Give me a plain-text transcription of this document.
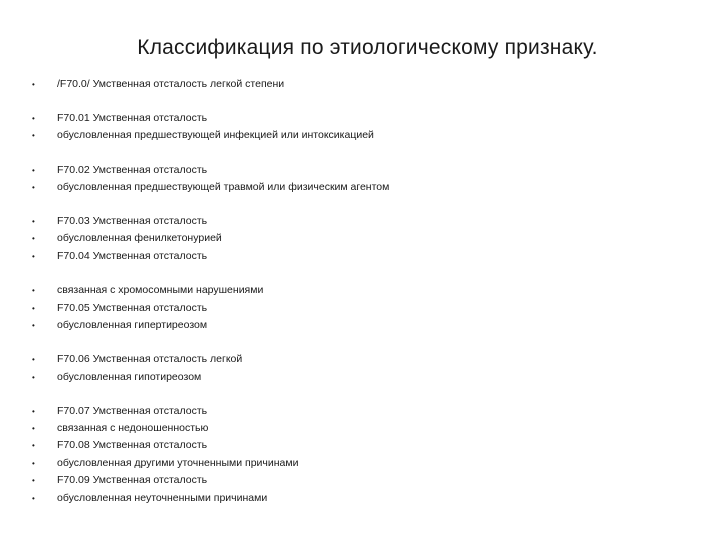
Классификация по этиологическому признаку.
•	/F70.0/ Умственная отсталость легкой степени
•	F70.01 Умственная отсталость
•	обусловленная предшествующей инфекцией или интоксикацией
•	F70.02 Умственная отсталость
•	обусловленная предшествующей травмой или физическим агентом
•	F70.03 Умственная отсталость
•	обусловленная фенилкетонурией
•	F70.04 Умственная отсталость
•	связанная с хромосомными нарушениями
•	F70.05 Умственная отсталость
•	обусловленная гипертиреозом
•	F70.06 Умственная отсталость легкой
•	обусловленная гипотиреозом
•	F70.07 Умственная отсталость
•	связанная с недоношенностью
•	F70.08 Умственная отсталость
•	обусловленная другими уточненными причинами
•	F70.09 Умственная отсталость
•	обусловленная неуточненными причинами
